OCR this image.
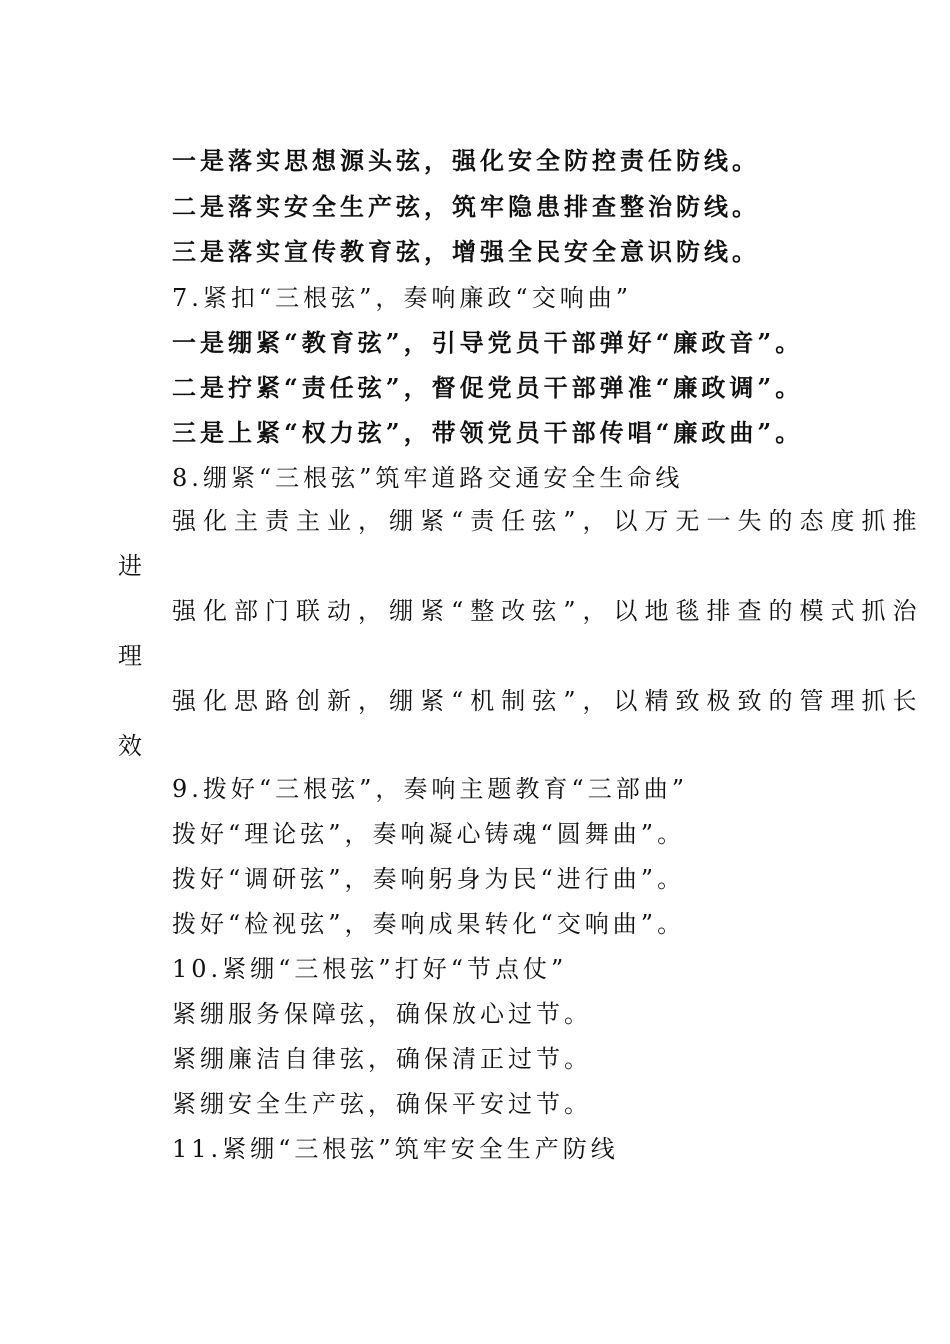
一是落实思想源头弦，强化安全防控责任防线。
二是落实安全生产弦，筑牢隐患排查整治防线。
三是落实宣传教育弦，增强全民安全意识防线。
7.紧扣“三根弦”，奏响廉政“交响曲”
一是绷紧“教育弦”，引导党员干部弹好“廉政音”。
二是拧紧“责任弦”，督促党员干部弹准“廉政调”。
三是上紧“权力弦”，带领党员干部传唱“廉政曲”。
8.绷紧“三根弦”筑牢道路交通安全生命线
强化主责主业，绷紧“责任弦”，以万无一失的态度抓推
进
强化部门联动，绷紧“整改弦”，以地毯排查的模式抓治
理
强化思路创新，绷紧“机制弦”，以精致极致的管理抓长
效
9.拨好“三根弦”，奏响主题教育“三部曲”
拨好“理论弦”，奏响凝心铸魂“圆舞曲”。
拨好“调研弦”，奏响躬身为民“进行曲”。
拨好“检视弦”，奏响成果转化“交响曲”。
10.紧绷“三根弦”打好“节点仗”
紧绷服务保障弦，确保放心过节。
紧绷廉洁自律弦，确保清正过节。
紧绷安全生产弦，确保平安过节。
11.紧绷“三根弦”筑牢安全生产防线
